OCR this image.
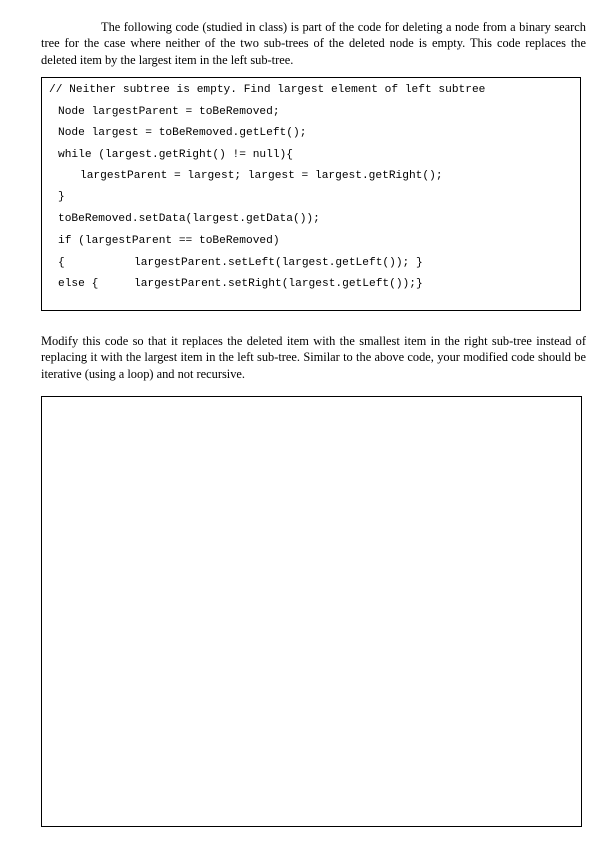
The following code (studied in class) is part of the code for deleting a node from a binary search tree for the case where neither of the two sub-trees of the deleted node is empty. This code replaces the deleted item by the largest item in the left sub-tree.

// Neither subtree is empty. Find largest element of left subtree
Node largestParent = toBeRemoved;
Node largest = toBeRemoved.getLeft();
while (largest.getRight() != null){
largestParent = largest; largest = largest.getRight();
}
toBeRemoved.setData(largest.getData());
if (largestParent == toBeRemoved)
{	largestParent.setLeft(largest.getLeft()); }
else {	largestParent.setRight(largest.getLeft());}

Modify this code so that it replaces the deleted item with the smallest item in the right sub-tree instead of replacing it with the largest item in the left sub-tree. Similar to the above code, your modified code should be iterative (using a loop) and not recursive.
